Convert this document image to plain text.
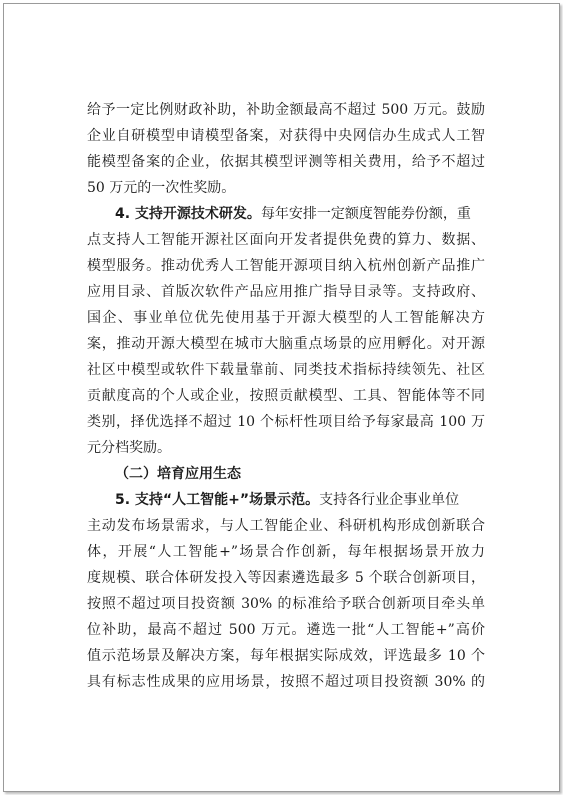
给予一定比例财政补助，补助金额最高不超过 500 万元。鼓励
企业自研模型申请模型备案，对获得中央网信办生成式人工智
能模型备案的企业，依据其模型评测等相关费用，给予不超过
50 万元的一次性奖励。
4. 支持开源技术研发。每年安排一定额度智能券份额，重
点支持人工智能开源社区面向开发者提供免费的算力、数据、
模型服务。推动优秀人工智能开源项目纳入杭州创新产品推广
应用目录、首版次软件产品应用推广指导目录等。支持政府、
国企、事业单位优先使用基于开源大模型的人工智能解决方
案，推动开源大模型在城市大脑重点场景的应用孵化。对开源
社区中模型或软件下载量靠前、同类技术指标持续领先、社区
贡献度高的个人或企业，按照贡献模型、工具、智能体等不同
类别，择优选择不超过 10 个标杆性项目给予每家最高 100 万
元分档奖励。
（二）培育应用生态
5. 支持“人工智能+”场景示范。支持各行业企事业单位
主动发布场景需求，与人工智能企业、科研机构形成创新联合
体，开展“人工智能+”场景合作创新，每年根据场景开放力
度规模、联合体研发投入等因素遴选最多 5 个联合创新项目，
按照不超过项目投资额 30% 的标准给予联合创新项目牵头单
位补助，最高不超过 500 万元。遴选一批“人工智能+”高价
值示范场景及解决方案，每年根据实际成效，评选最多 10 个
具有标志性成果的应用场景，按照不超过项目投资额 30% 的
